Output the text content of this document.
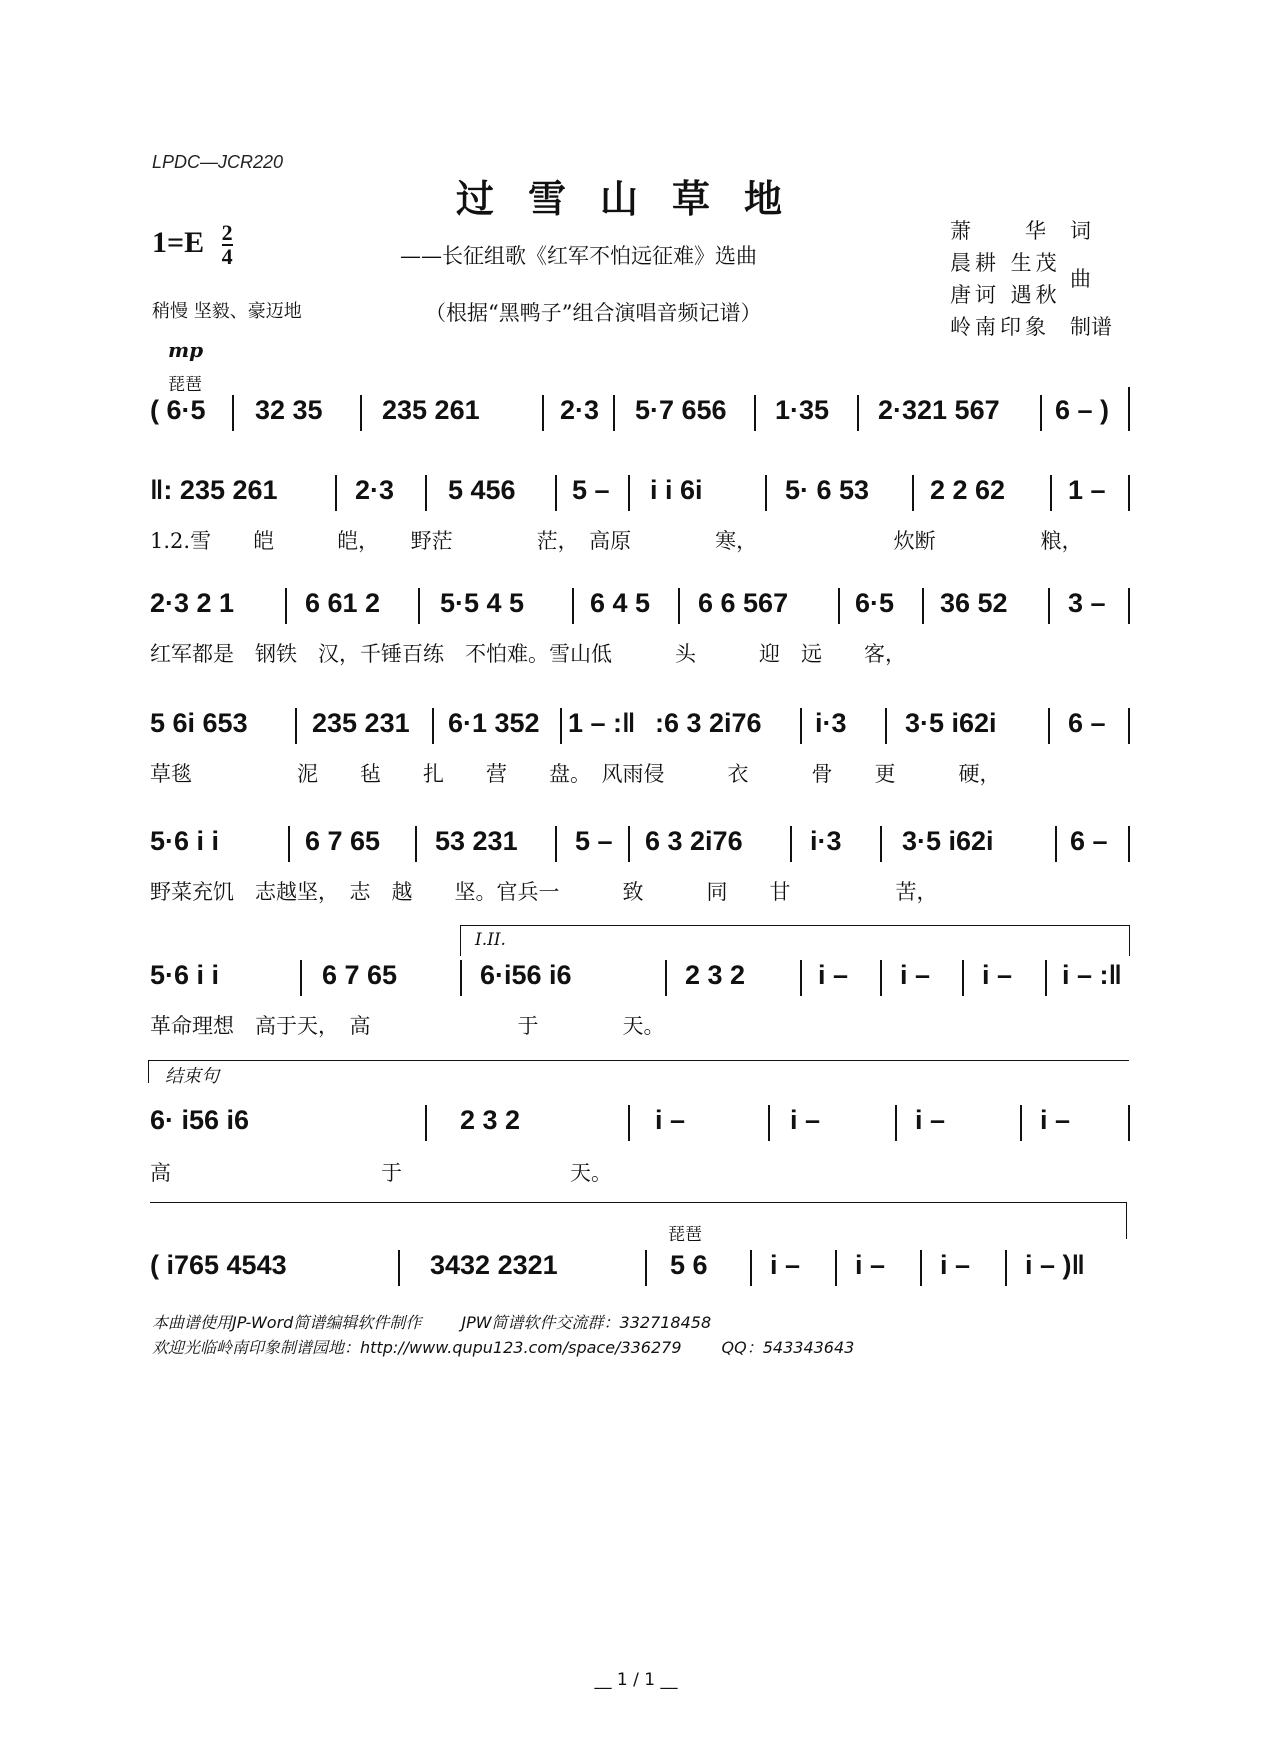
LPDC—JCR220
过雪山草地
$1=E \frac{2}{4}$	——长征组歌《红军不怕远征难》选曲
稍慢 坚毅、豪迈地	（根据“黑鸭子”组合演唱音频记谱）
萧　　华 词
晨耕 生茂
曲
唐诃 遇秋
岭南印象 制谱
mp
琵琶
( 6·5 32 35 235 261	2·3 5·7 656 1·35 2·321 567 6 – )
‖: 235 261	2·3 5 456 5 – i i 6i	5· 6 53 2 2 62 1 –
1.2.雪　　皑　　　皑，　　野茫　　　　茫，　高原　　　　寒，　　　　　　　炊断　　　　　粮，
2·3 2 1	6 61 2 5·5 4 5 6 4 5 6 6 567 6·5 36 52 3 –
红军都是　钢铁　汉，千锤百练　不怕难。雪山低　　　头　　　迎　远　　客，
5 6i 653 235 231 6·1 352 1 – :‖ :6 3 2i76 i·3 3·5 i62i	6 –
草毯　　　　　泥　　毡　　扎　　营　　盘。　风雨侵　　　衣　　　骨　　更　　　硬，
5·6 i i	6 7 65 53 231 5 – 6 3 2i76 i·3 3·5 i62i	6 –
野菜充饥　志越坚，　志　越　　坚。官兵一　　　致　　　同　　甘　　　　　苦，
I.II.
5·6 i i	6 7 65	6·i56 i6	2 3 2	i – i – i – i – :‖
革命理想　高于天，　高　　　　　　　于　　　　天。
结束句
6· i56 i6	2 3 2	i –	i –	i –	i –
高　　　　　　　　　　于　　　　　　　　天。
琵琶
( i765 4543	3432 2321	5 6 i – i – i – i – )‖
本曲谱使用JP-Word简谱编辑软件制作	JPW简谱软件交流群：332718458
欢迎光临岭南印象制谱园地：http://www.qupu123.com/space/336279	QQ：543343643
__ 1 / 1 __
